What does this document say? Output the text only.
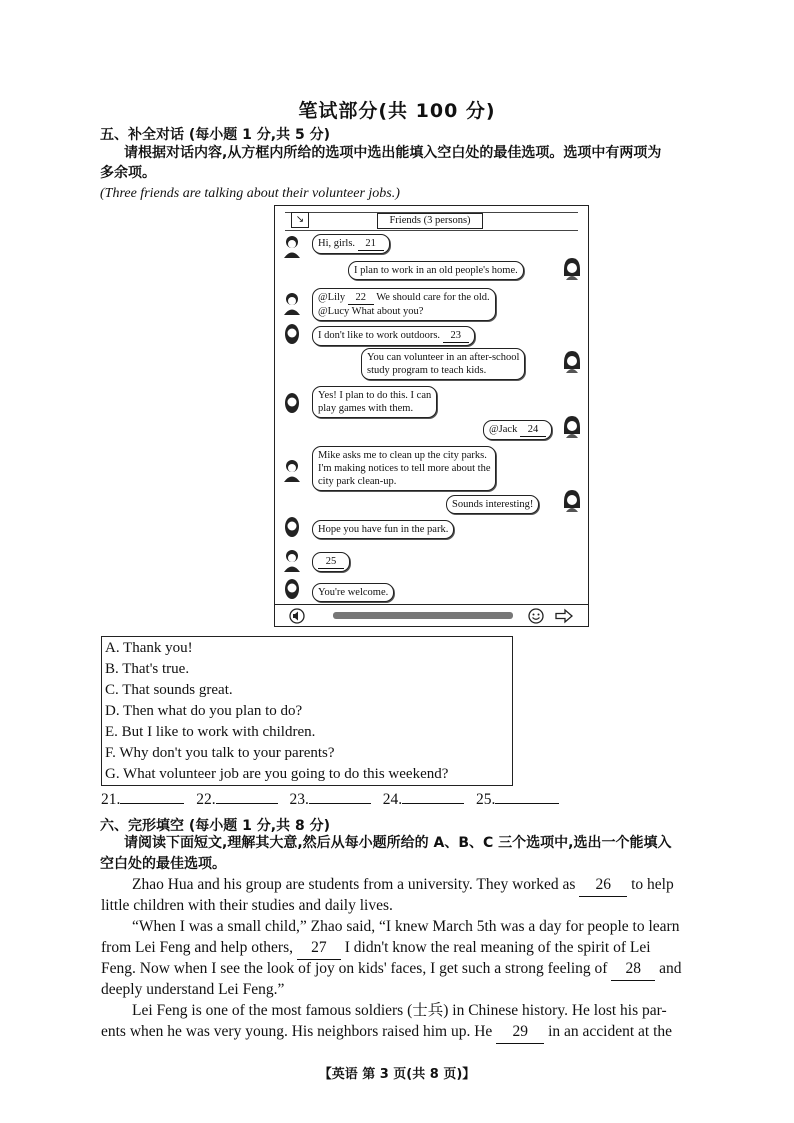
笔试部分(共 100 分)
五、补全对话 (每小题 1 分,共 5 分)
请根据对话内容,从方框内所给的选项中选出能填入空白处的最佳选项。选项中有两项为
多余项。
(Three friends are talking about their volunteer jobs.)
↘	Friends (3 persons)
Hi, girls. 21
I plan to work in an old people's home.
@Lily 22 We should care for the old.
@Lucy What about you?
I don't like to work outdoors. 23
You can volunteer in an after-school
study program to teach kids.
Yes! I plan to do this. I can
play games with them.
@Jack 24
Mike asks me to clean up the city parks.
I'm making notices to tell more about the
city park clean-up.
Sounds interesting!
Hope you have fun in the park.
25
You're welcome.
A. Thank you!
B. That's true.
C. That sounds great.
D. Then what do you plan to do?
E. But I like to work with children.
F. Why don't you talk to your parents?
G. What volunteer job are you going to do this weekend?
21.	22.	23.	24.	25.
六、完形填空 (每小题 1 分,共 8 分)
请阅读下面短文,理解其大意,然后从每小题所给的 A、B、C 三个选项中,选出一个能填入
空白处的最佳选项。
Zhao Hua and his group are students from a university. They worked as 26 to help
little children with their studies and daily lives.
“When I was a small child,” Zhao said, “I knew March 5th was a day for people to learn
from Lei Feng and help others, 27 I didn't know the real meaning of the spirit of Lei
Feng. Now when I see the look of joy on kids' faces, I get such a strong feeling of 28 and
deeply understand Lei Feng.”
Lei Feng is one of the most famous soldiers (士兵) in Chinese history. He lost his par-
ents when he was very young. His neighbors raised him up. He 29 in an accident at the
【英语 第 3 页(共 8 页)】
